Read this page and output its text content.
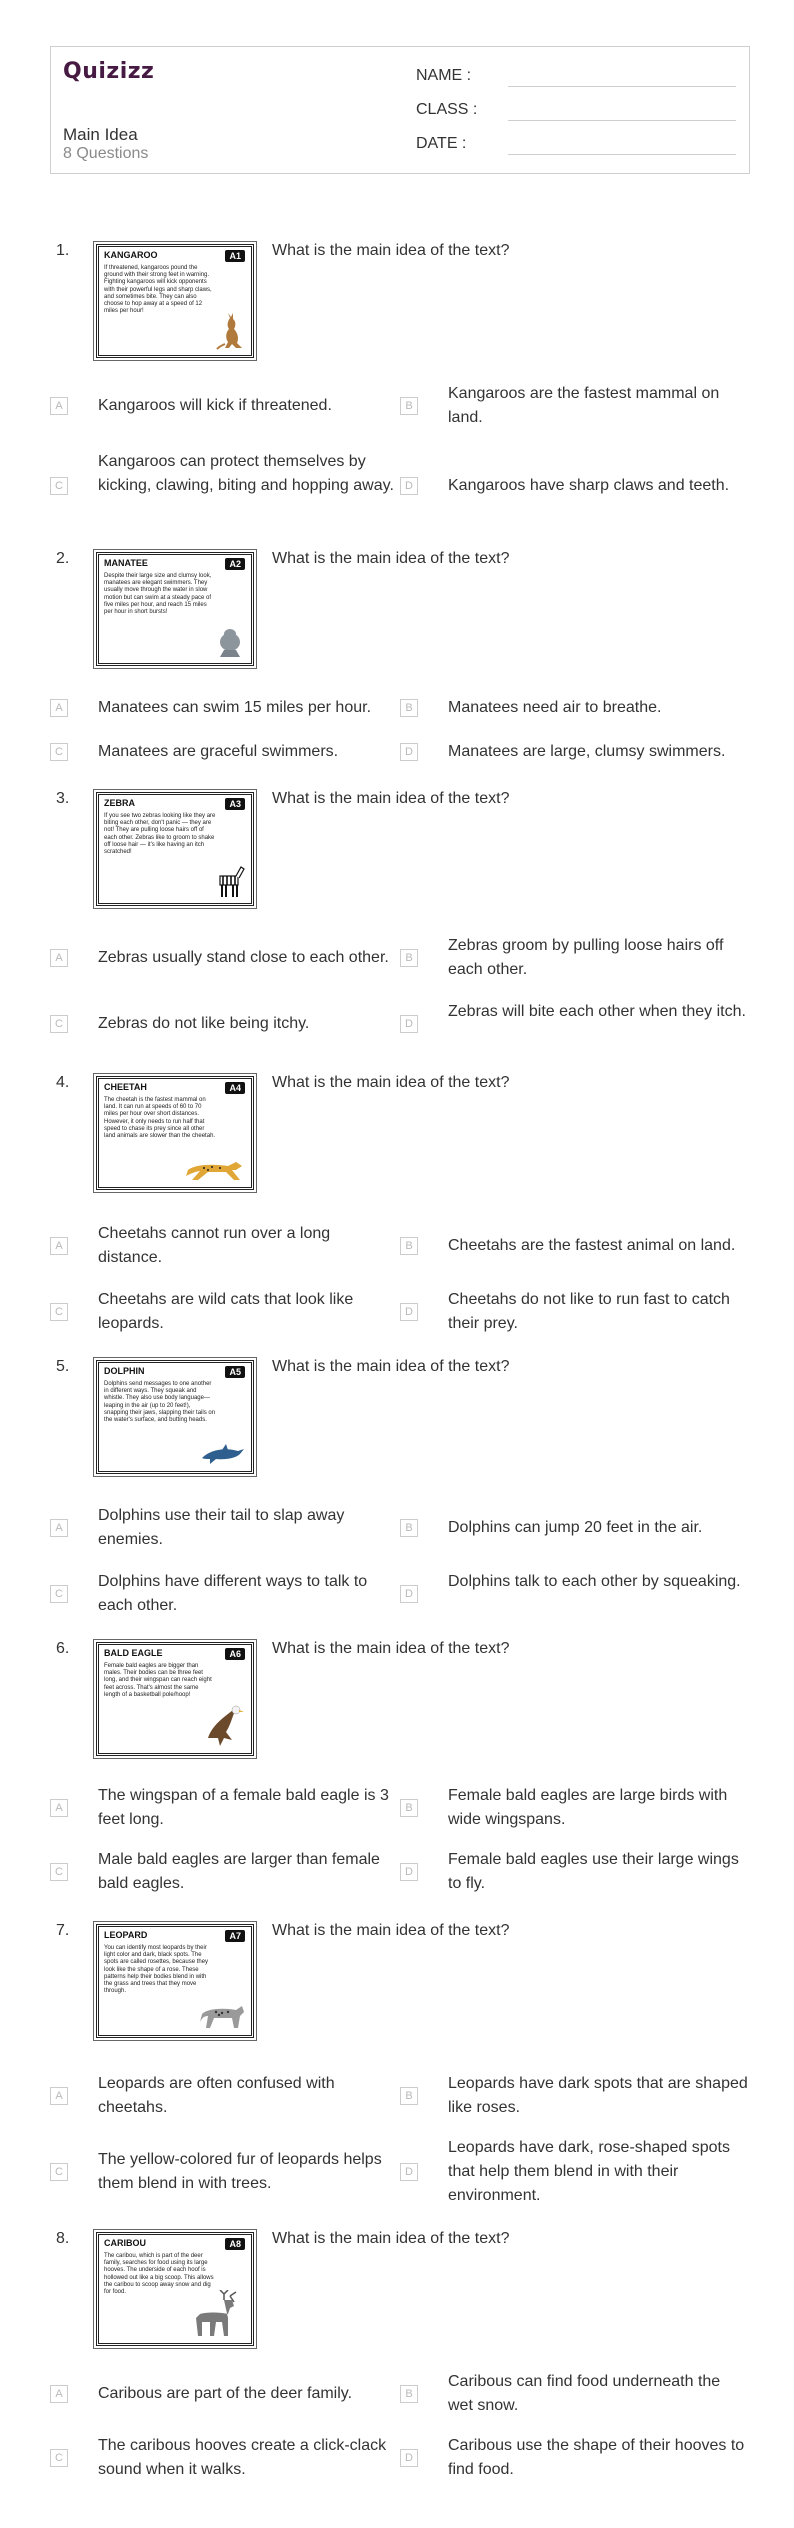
Quizizz
Main Idea
8 Questions
NAME :
CLASS :
DATE :
1.	KANGAROO	A1
If threatened, kangaroos pound the ground with their strong feet in warning. Fighting kangaroos will kick opponents with their powerful legs and sharp claws, and sometimes bite. They can also choose to hop away at a speed of 12 miles per hour!
What is the main idea of the text?
A	Kangaroos will kick if threatened.	B
Kangaroos are the fastest mammal on land.
C
Kangaroos can protect themselves by kicking, clawing, biting and hopping away.	D	Kangaroos have sharp claws and teeth.
2.	MANATEE	A2
Despite their large size and clumsy look, manatees are elegant swimmers. They usually move through the water in slow motion but can swim at a steady pace of five miles per hour, and reach 15 miles per hour in short bursts!
What is the main idea of the text?
A	Manatees can swim 15 miles per hour.	B	Manatees need air to breathe.
C	Manatees are graceful swimmers.	D	Manatees are large, clumsy swimmers.
3.	ZEBRA	A3
If you see two zebras looking like they are biting each other, don't panic — they are not! They are pulling loose hairs off of each other. Zebras like to groom to shake off loose hair — it's like having an itch scratched!
What is the main idea of the text?
A	Zebras usually stand close to each other.	B
Zebras groom by pulling loose hairs off each other.
C	Zebras do not like being itchy.	D
Zebras will bite each other when they itch.
4.	CHEETAH	A4
The cheetah is the fastest mammal on land. It can run at speeds of 60 to 70 miles per hour over short distances. However, it only needs to run half that speed to chase its prey since all other land animals are slower than the cheetah.
What is the main idea of the text?
A
Cheetahs cannot run over a long distance.
B	Cheetahs are the fastest animal on land.
C
Cheetahs are wild cats that look like leopards.
D
Cheetahs do not like to run fast to catch their prey.
5.	DOLPHIN	A5
Dolphins send messages to one another in different ways. They squeak and whistle. They also use body language—leaping in the air (up to 20 feet!), snapping their jaws, slapping their tails on the water's surface, and butting heads.
What is the main idea of the text?
A
Dolphins use their tail to slap away enemies.
B	Dolphins can jump 20 feet in the air.
C
Dolphins have different ways to talk to each other.
D
Dolphins talk to each other by squeaking.
6.	BALD EAGLE	A6
Female bald eagles are bigger than males. Their bodies can be three feet long, and their wingspan can reach eight feet across. That's almost the same length of a basketball pole/hoop!
What is the main idea of the text?
A
The wingspan of a female bald eagle is 3 feet long.
B
Female bald eagles are large birds with wide wingspans.
C
Male bald eagles are larger than female bald eagles.
D
Female bald eagles use their large wings to fly.
7.	LEOPARD	A7
You can identify most leopards by their light color and dark, black spots. The spots are called rosettes, because they look like the shape of a rose. These patterns help their bodies blend in with the grass and trees that they move through.
What is the main idea of the text?
A
Leopards are often confused with cheetahs.
B
Leopards have dark spots that are shaped like roses.
C
The yellow-colored fur of leopards helps them blend in with trees.
D
Leopards have dark, rose-shaped spots that help them blend in with their environment.
8.	CARIBOU	A8
The caribou, which is part of the deer family, searches for food using its large hooves. The underside of each hoof is hollowed out like a big scoop. This allows the caribou to scoop away snow and dig for food.
What is the main idea of the text?
A	Caribous are part of the deer family.	B
Caribous can find food underneath the wet snow.
C
The caribous hooves create a click-clack sound when it walks.
D
Caribous use the shape of their hooves to find food.
